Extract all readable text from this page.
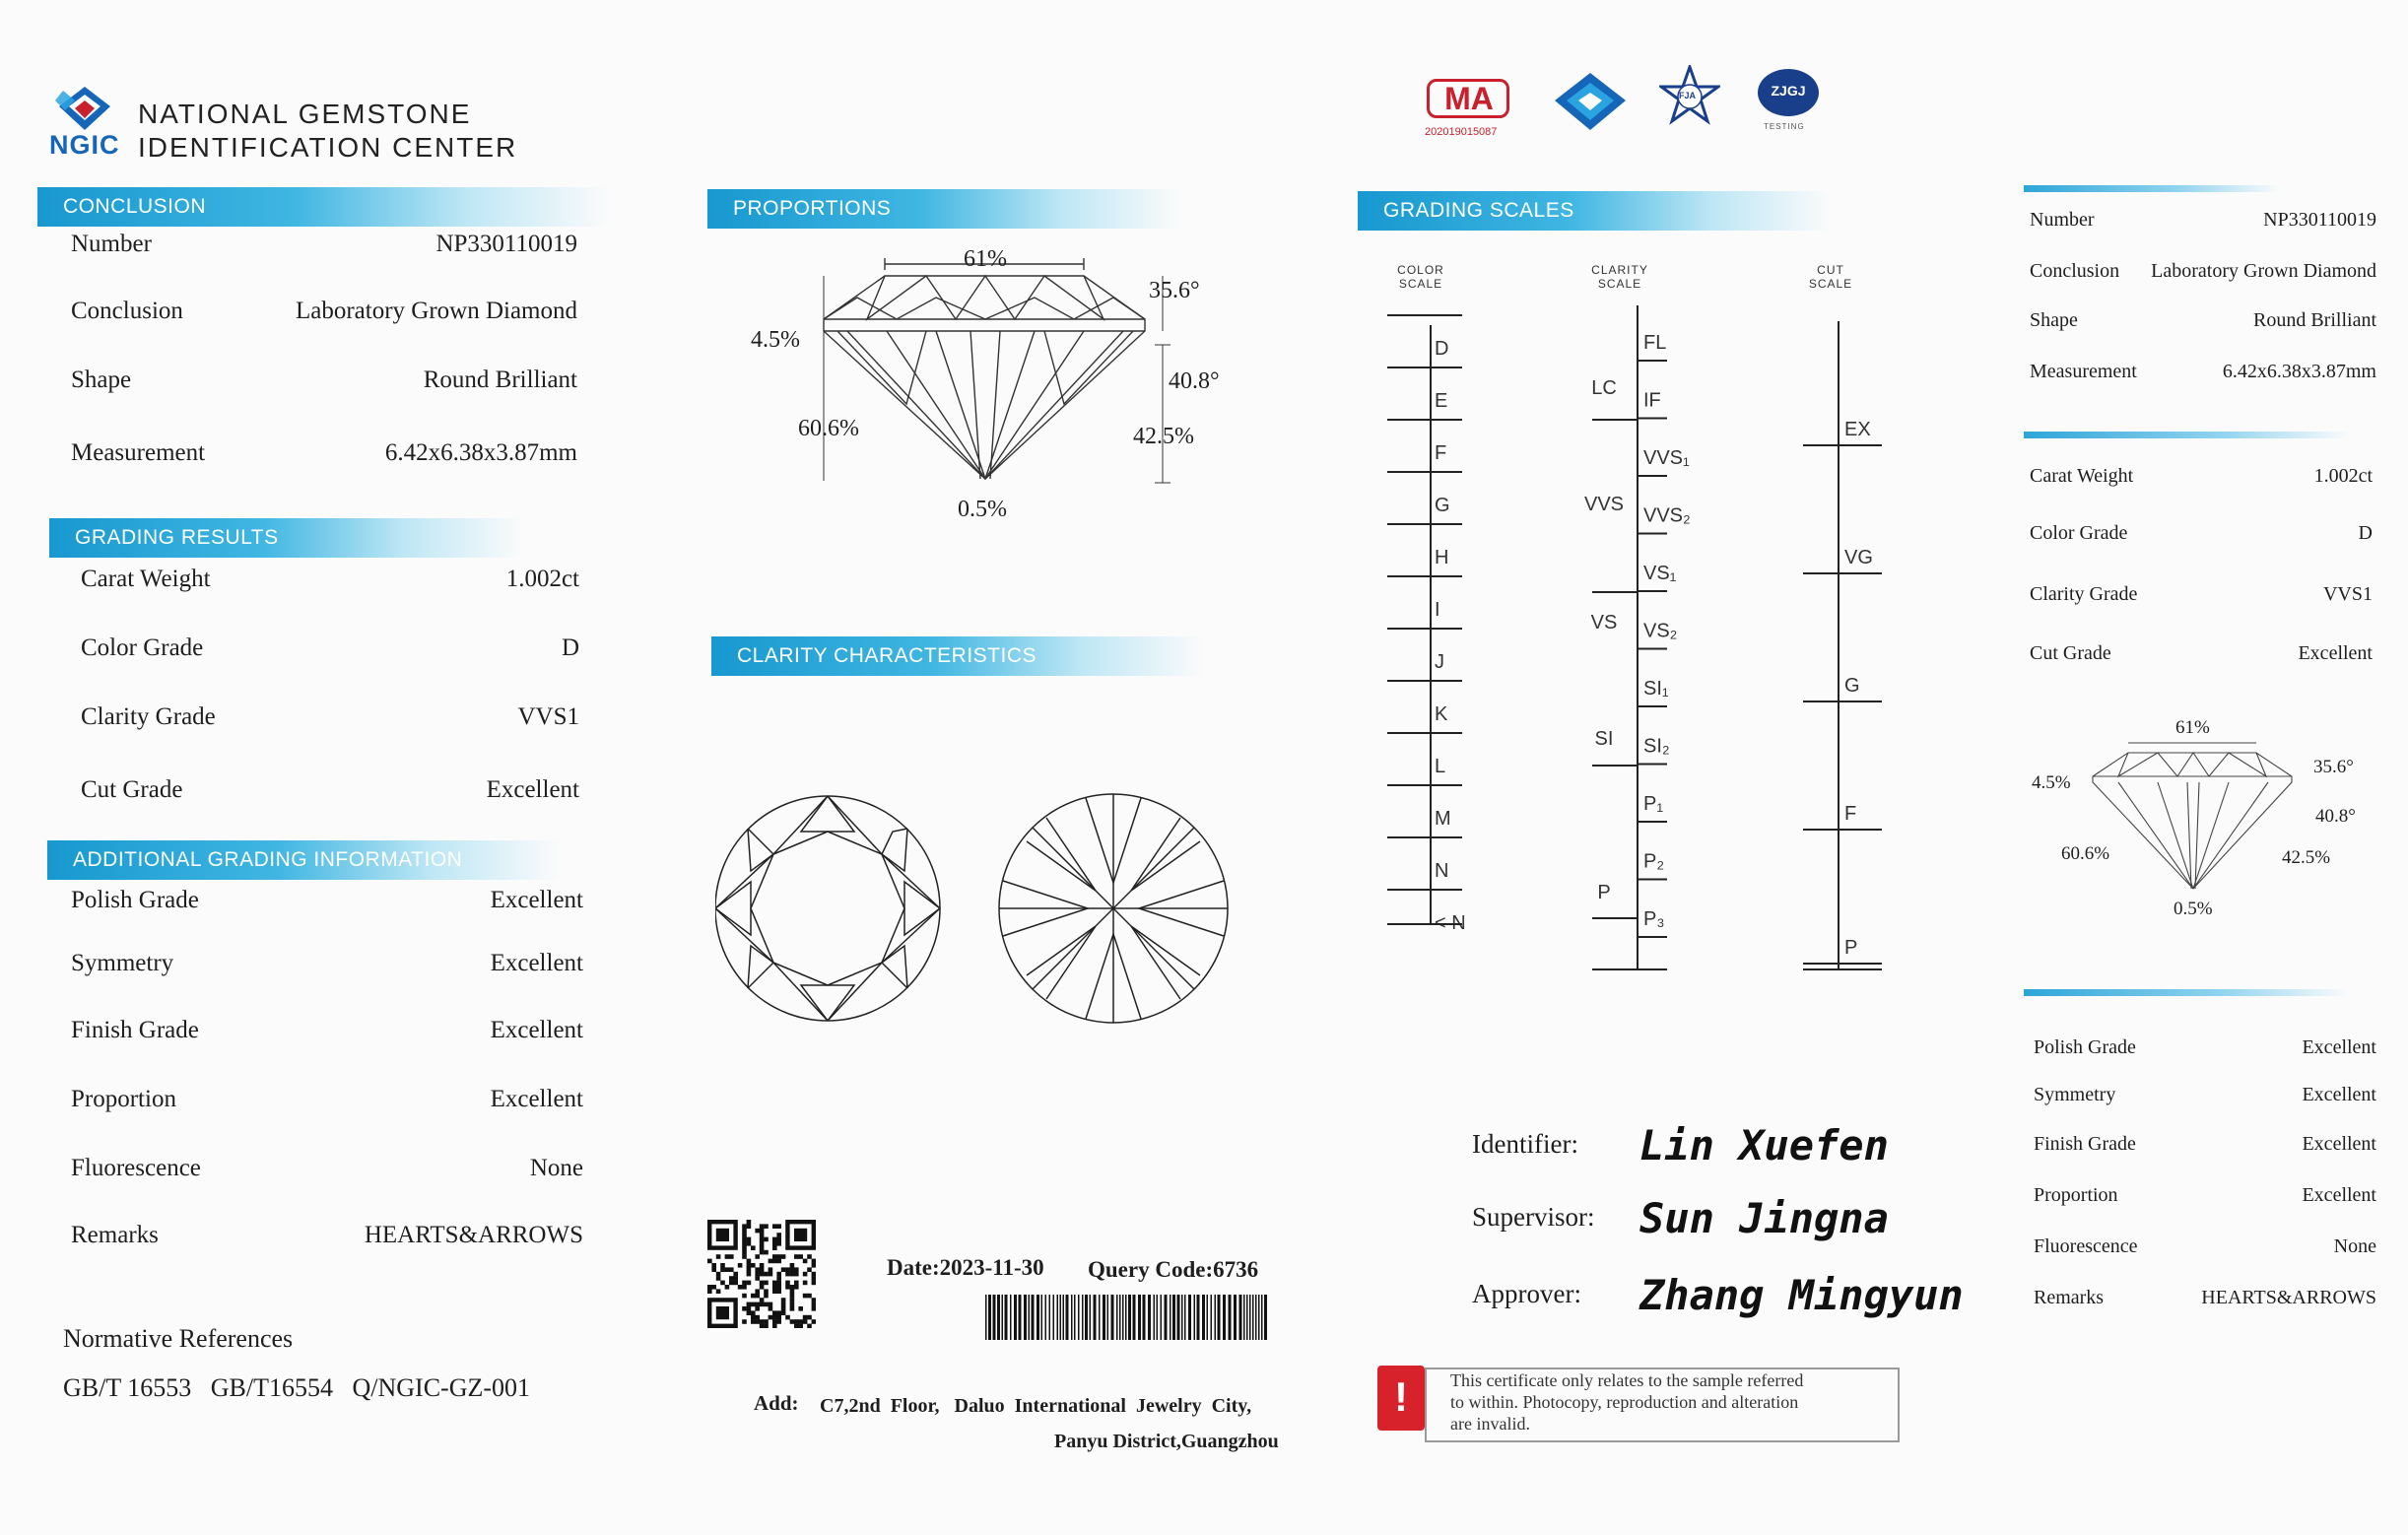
NGIC
NATIONAL GEMSTONE
IDENTIFICATION CENTER
CONCLUSION
Number	NP330110019
Conclusion	Laboratory Grown Diamond
Shape	Round Brilliant
Measurement	6.42x6.38x3.87mm
GRADING RESULTS
Carat Weight	1.002ct
Color Grade	D
Clarity Grade	VVS1
Cut Grade	Excellent
ADDITIONAL GRADING INFORMATION
Polish Grade	Excellent
Symmetry	Excellent
Finish Grade	Excellent
Proportion	Excellent
Fluorescence	None
Remarks	HEARTS&ARROWS
Normative References
GB/T 16553   GB/T16554   Q/NGIC-GZ-001
PROPORTIONS
61%
35.6°
4.5%
40.8°
60.6%	42.5%
0.5%
CLARITY CHARACTERISTICS
Date:2023-11-30 Query Code:6736
Add: C7,2nd  Floor,   Daluo  International  Jewelry  City,
Panyu District,Guangzhou
MA
202019015087
FJA	ZJGJ
TESTING
GRADING SCALES
COLOR
SCALE
CLARITY
SCALE
CUT
SCALE
D
E
F
G
H
I
J
K
L
M
N
< N
FL
IF
VVS₁
VVS₂
VS₁
VS₂
SI₁
SI₂
P₁
P₂
P₃
LC
VVS
VS
SI
P
EX
VG
G
F
P
Identifier: Lin Xuefen
Supervisor: Sun Jingna
Approver: Zhang Mingyun
!	This certificate only relates to the sample referred
to within. Photocopy, reproduction and alteration
are invalid.
Number	NP330110019
Conclusion Laboratory Grown Diamond
Shape	Round Brilliant
Measurement	6.42x6.38x3.87mm
Carat Weight	1.002ct
Color Grade	D
Clarity Grade	VVS1
Cut Grade	Excellent
61%
35.6°
4.5%
40.8°
60.6%	42.5%
0.5%
Polish Grade	Excellent
Symmetry	Excellent
Finish Grade	Excellent
Proportion	Excellent
Fluorescence	None
Remarks	HEARTS&ARROWS
